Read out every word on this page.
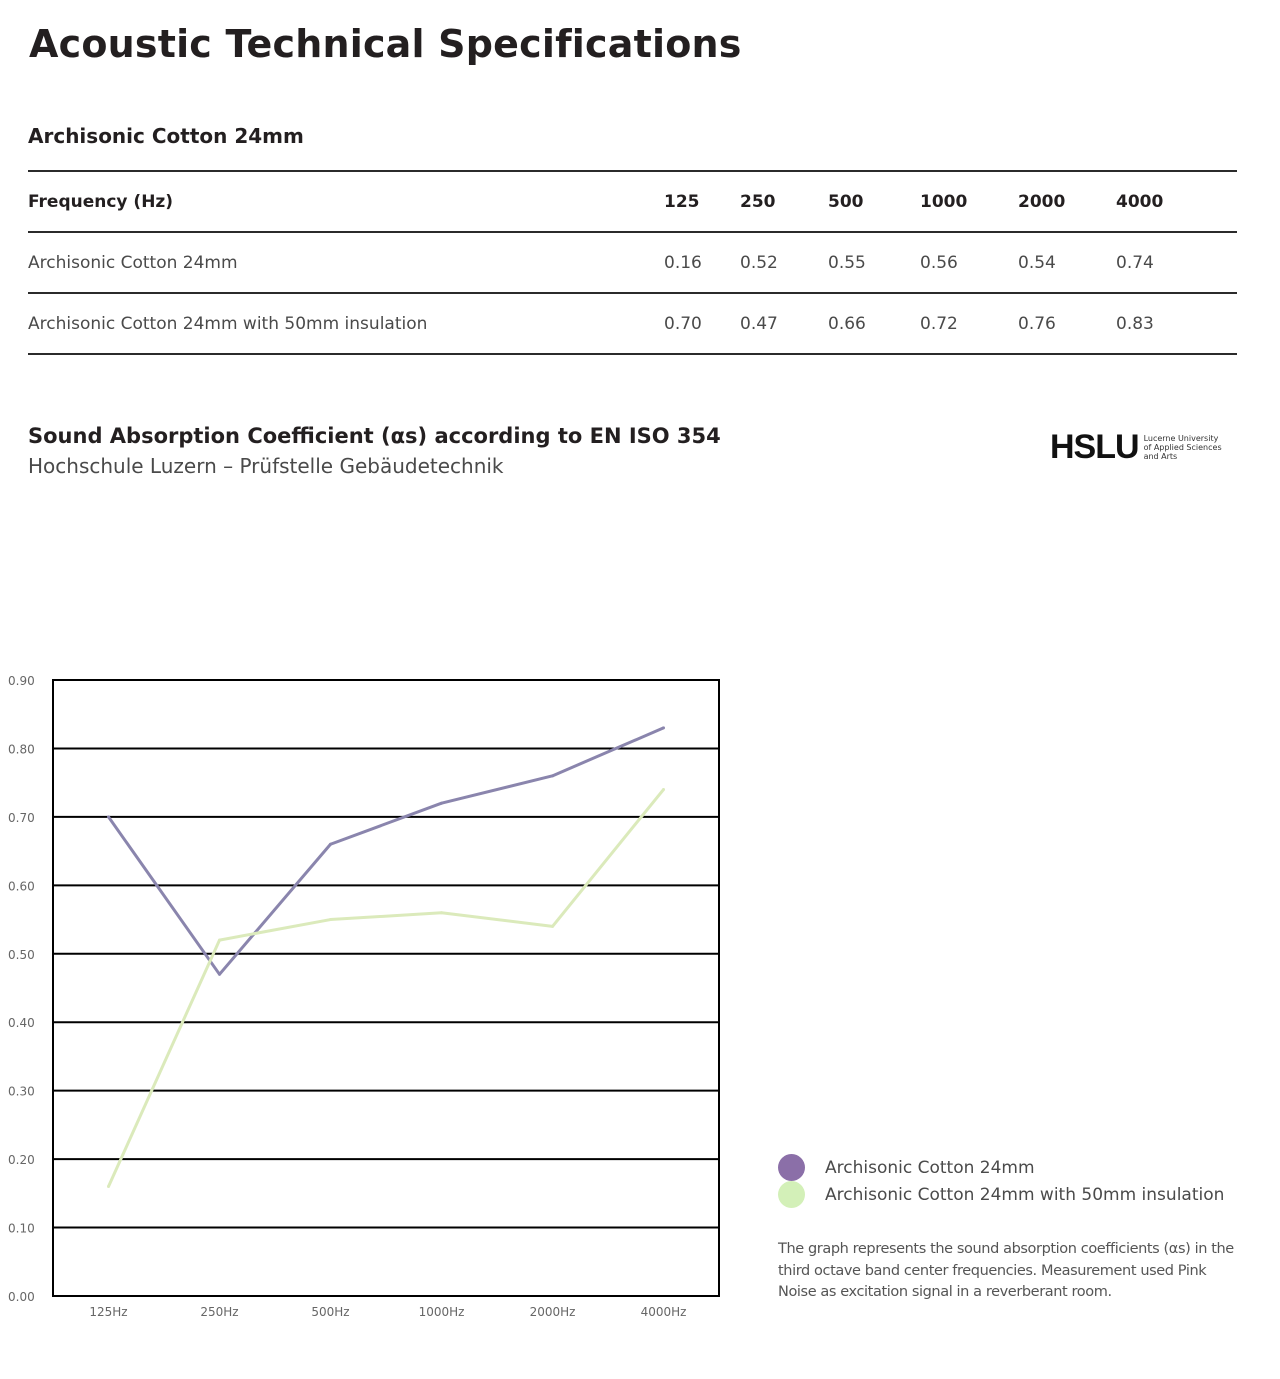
Acoustic Technical Specifications
Archisonic Cotton 24mm
Frequency (Hz)	125	250	500	1000	2000	4000
Archisonic Cotton 24mm	0.16	0.52	0.55	0.56	0.54	0.74
Archisonic Cotton 24mm with 50mm insulation	0.70	0.47	0.66	0.72	0.76	0.83
Sound Absorption Coefficient (αs) according to EN ISO 354
Hochschule Luzern – Prüfstelle Gebäudetechnik	HSLU Lucerne University
of Applied Sciences
and Arts
0.00
0.10
0.20
0.30
0.40
0.50
0.60
0.70
0.80
0.90
125Hz	250Hz	500Hz	1000Hz	2000Hz	4000Hz
Archisonic Cotton 24mm
Archisonic Cotton 24mm with 50mm insulation
The graph represents the sound absorption coefficients (αs) in the third octave band center frequencies. Measurement used Pink Noise as excitation signal in a reverberant room.
